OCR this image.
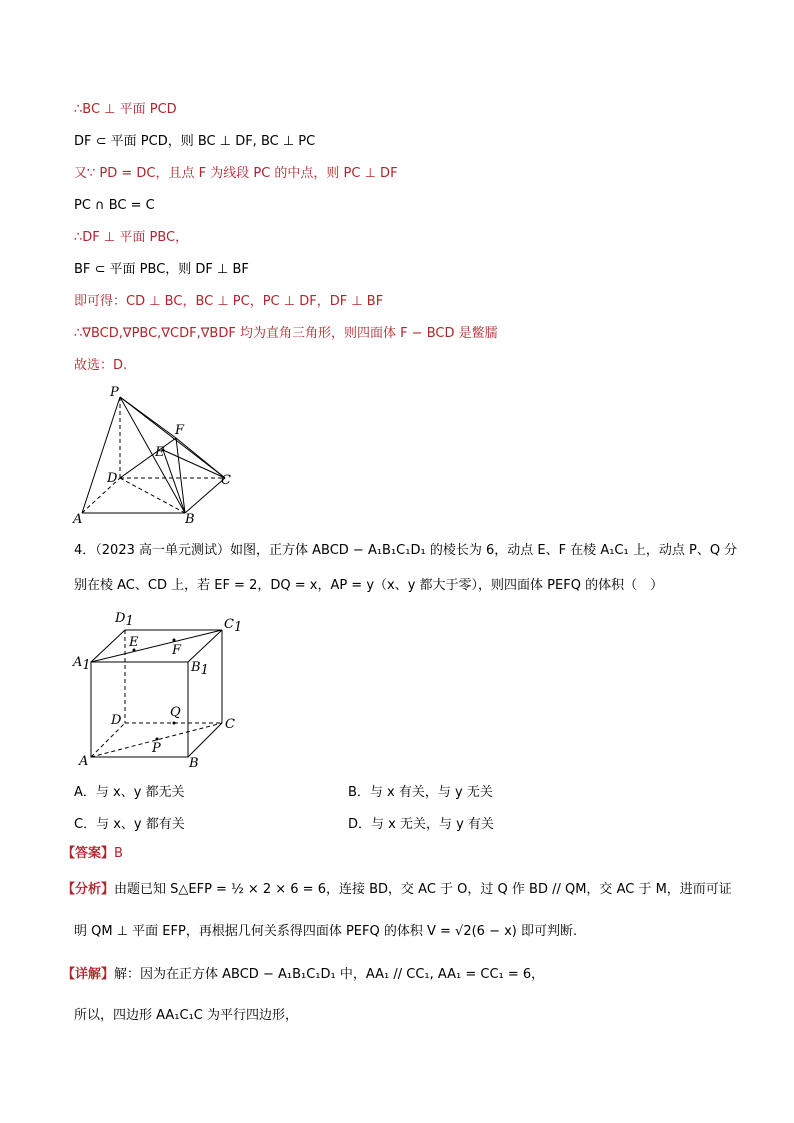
∴BC ⊥ 平面 PCD
DF ⊂ 平面 PCD，则 BC ⊥ DF, BC ⊥ PC
又∵ PD = DC，且点 F 为线段 PC 的中点，则 PC ⊥ DF
PC ∩ BC = C
∴DF ⊥ 平面 PBC，
BF ⊂ 平面 PBC，则 DF ⊥ BF
即可得：CD ⊥ BC，BC ⊥ PC，PC ⊥ DF，DF ⊥ BF
∴∇BCD,∇PBC,∇CDF,∇BDF 均为直角三角形，则四面体 F − BCD 是鳖臑
故选：D.
P
F
E
D	C
A	B
4．（2023 高一单元测试）如图，正方体 ABCD − A₁B₁C₁D₁ 的棱长为 6，动点 E、F 在棱 A₁C₁ 上，动点 P、Q 分
别在棱 AC、CD 上，若 EF = 2，DQ = x，AP = y（x、y 都大于零），则四面体 PEFQ 的体积（　）
D1	C1
A1	B1
E
F
Q
D	C
A	B
P
A．与 x、y 都无关	B．与 x 有关，与 y 无关
C．与 x、y 都有关	D．与 x 无关，与 y 有关
【答案】B
【分析】由题已知 S△EFP = ½ × 2 × 6 = 6，连接 BD，交 AC 于 O，过 Q 作 BD // QM，交 AC 于 M，进而可证
明 QM ⊥ 平面 EFP，再根据几何关系得四面体 PEFQ 的体积 V = √2(6 − x) 即可判断.
【详解】解：因为在正方体 ABCD − A₁B₁C₁D₁ 中，AA₁ // CC₁, AA₁ = CC₁ = 6，
所以，四边形 AA₁C₁C 为平行四边形，
